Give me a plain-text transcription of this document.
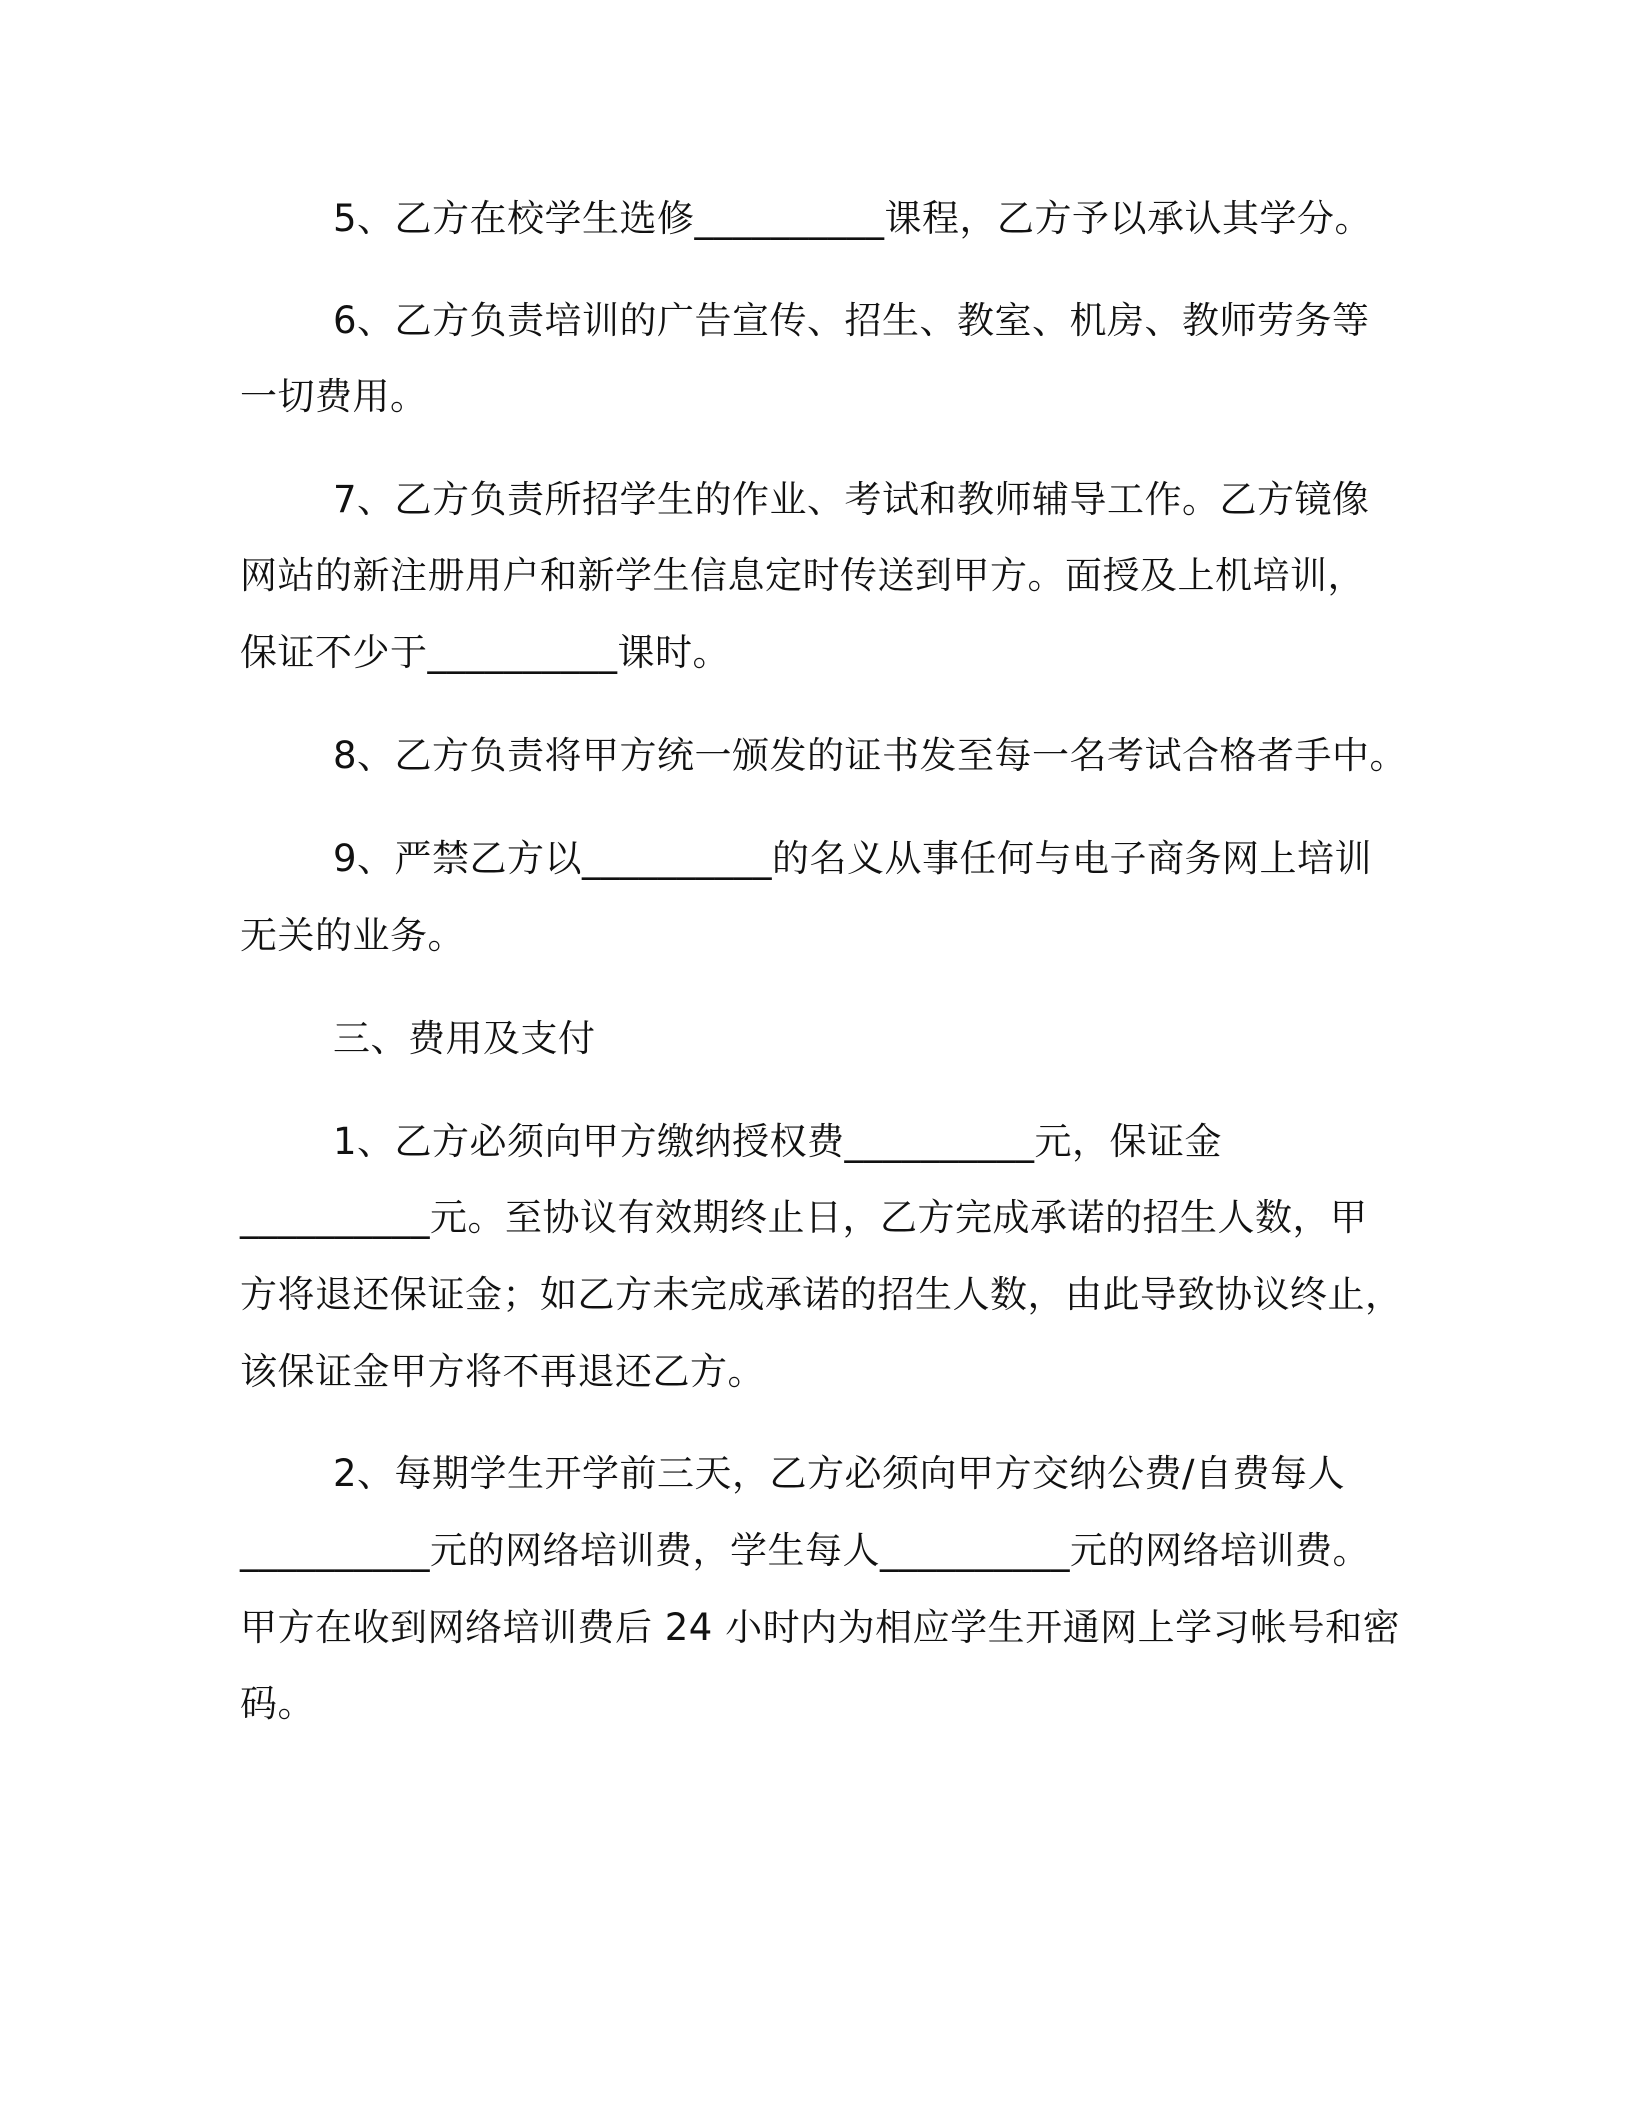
5、乙方在校学生选修__________课程，乙方予以承认其学分。
6、乙方负责培训的广告宣传、招生、教室、机房、教师劳务等
一切费用。
7、乙方负责所招学生的作业、考试和教师辅导工作。乙方镜像
网站的新注册用户和新学生信息定时传送到甲方。面授及上机培训，
保证不少于__________课时。
8、乙方负责将甲方统一颁发的证书发至每一名考试合格者手中。
9、严禁乙方以__________的名义从事任何与电子商务网上培训
无关的业务。
三、费用及支付
1、乙方必须向甲方缴纳授权费__________元，保证金
__________元。至协议有效期终止日，乙方完成承诺的招生人数，甲
方将退还保证金；如乙方未完成承诺的招生人数，由此导致协议终止，
该保证金甲方将不再退还乙方。
2、每期学生开学前三天，乙方必须向甲方交纳公费/自费每人
__________元的网络培训费，学生每人__________元的网络培训费。
甲方在收到网络培训费后 24 小时内为相应学生开通网上学习帐号和密
码。
